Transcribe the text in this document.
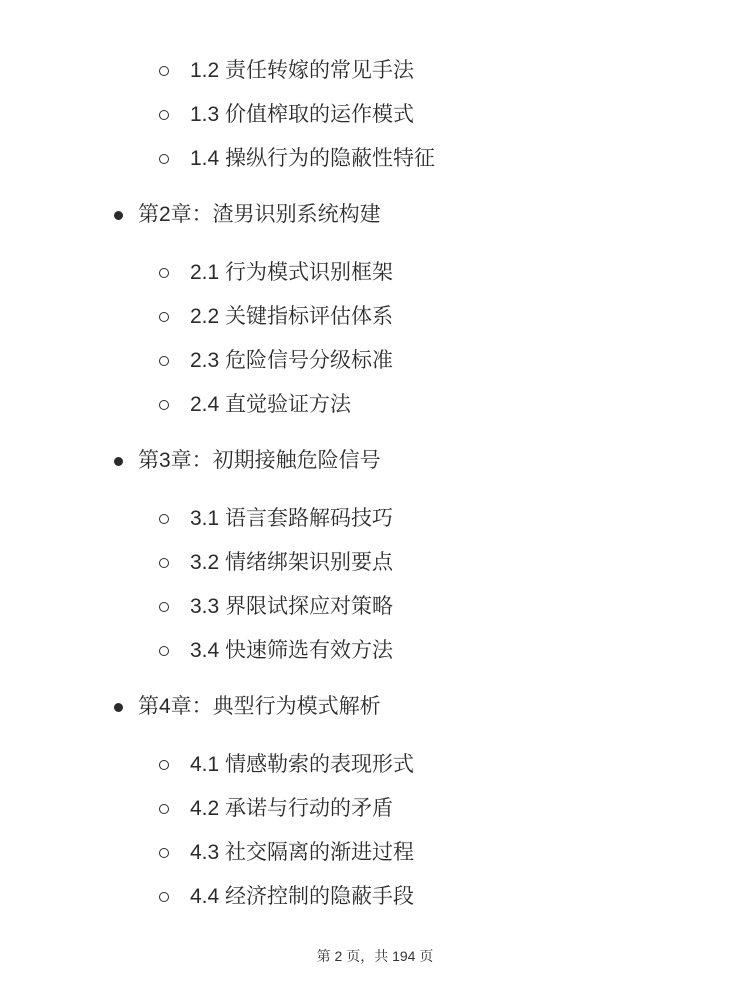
1.2 责任转嫁的常见手法
1.3 价值榨取的运作模式
1.4 操纵行为的隐蔽性特征
第2章：渣男识别系统构建
2.1 行为模式识别框架
2.2 关键指标评估体系
2.3 危险信号分级标准
2.4 直觉验证方法
第3章：初期接触危险信号
3.1 语言套路解码技巧
3.2 情绪绑架识别要点
3.3 界限试探应对策略
3.4 快速筛选有效方法
第4章：典型行为模式解析
4.1 情感勒索的表现形式
4.2 承诺与行动的矛盾
4.3 社交隔离的渐进过程
4.4 经济控制的隐蔽手段
第 2 页，共 194 页
